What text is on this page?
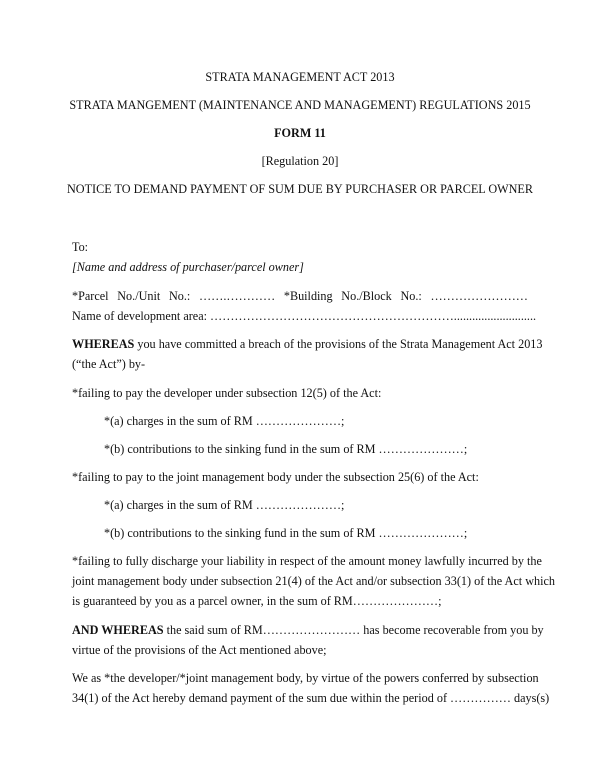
STRATA MANAGEMENT ACT 2013
STRATA MANGEMENT (MAINTENANCE AND MANAGEMENT) REGULATIONS 2015
FORM 11
[Regulation 20]
NOTICE TO DEMAND PAYMENT OF SUM DUE BY PURCHASER OR PARCEL OWNER
To:
[Name and address of purchaser/parcel owner]
*Parcel No./Unit No.: …….………… *Building No./Block No.: ……………………
Name of development area: ……………………………………………………...........................
WHEREAS you have committed a breach of the provisions of the Strata Management Act 2013
(“the Act”) by-
*failing to pay the developer under subsection 12(5) of the Act:
*(a) charges in the sum of RM …………………;
*(b) contributions to the sinking fund in the sum of RM …………………;
*failing to pay to the joint management body under the subsection 25(6) of the Act:
*(a) charges in the sum of RM …………………;
*(b) contributions to the sinking fund in the sum of RM …………………;
*failing to fully discharge your liability in respect of the amount money lawfully incurred by the
joint management body under subsection 21(4) of the Act and/or subsection 33(1) of the Act which
is guaranteed by you as a parcel owner, in the sum of RM…………………;
AND WHEREAS the said sum of RM…………………… has become recoverable from you by
virtue of the provisions of the Act mentioned above;
We as *the developer/*joint management body, by virtue of the powers conferred by subsection
34(1) of the Act hereby demand payment of the sum due within the period of …………… days(s)
